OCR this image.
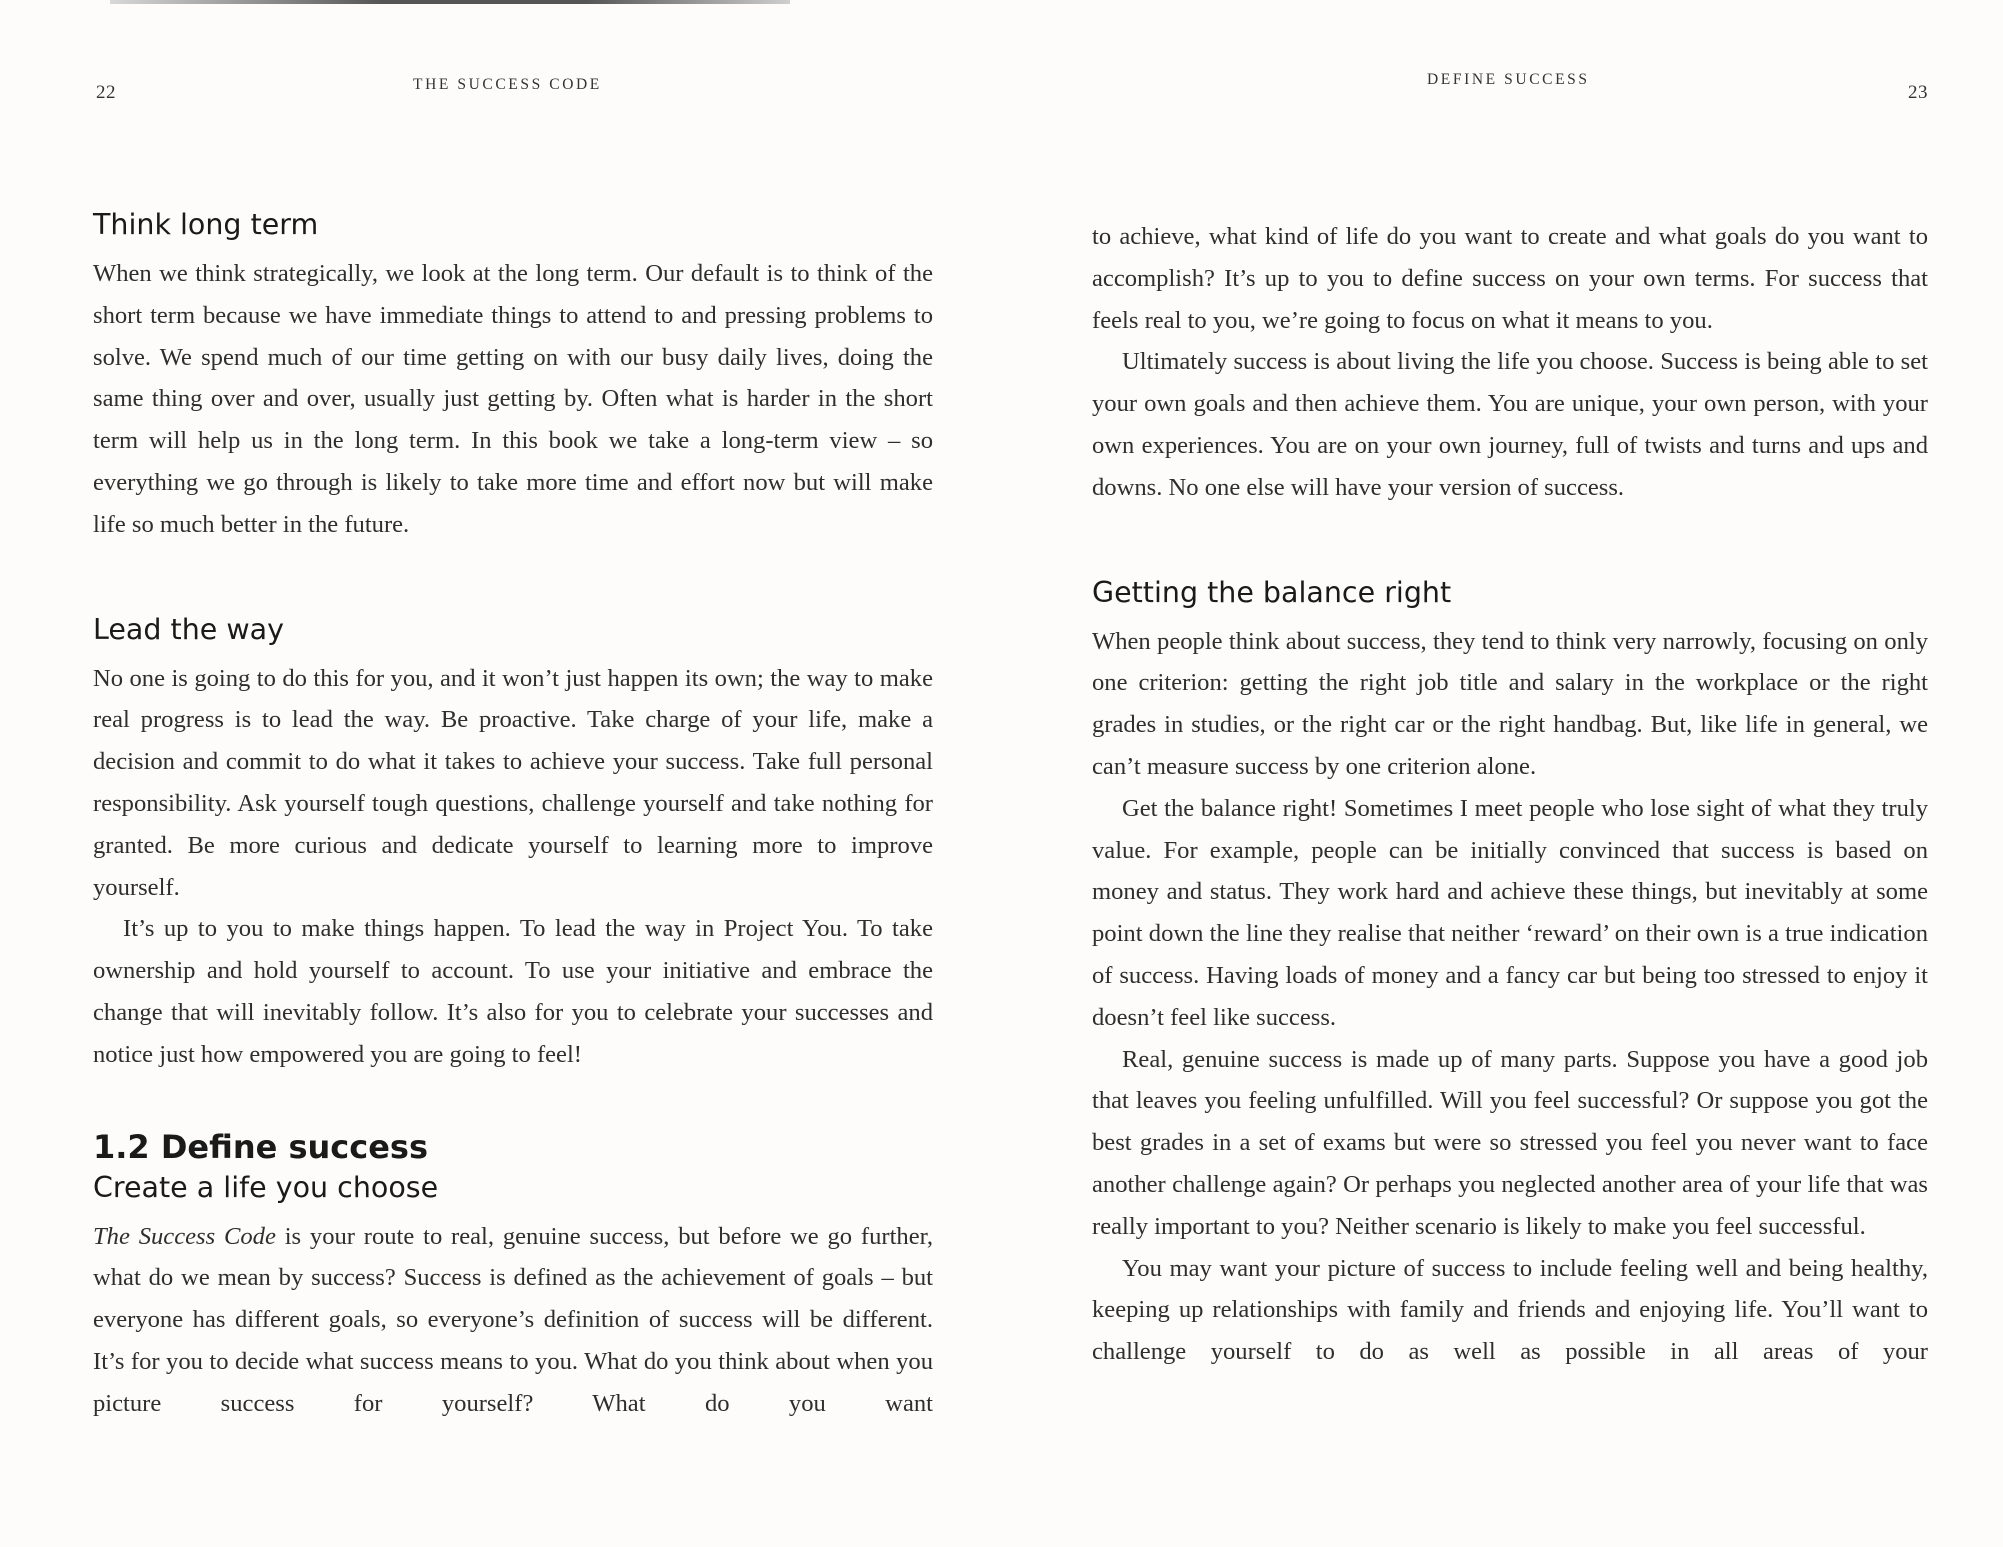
22	THE SUCCESS CODE
Think long term

When we think strategically, we look at the long term. Our default is to think of the short term because we have immediate things to attend to and pressing problems to solve. We spend much of our time getting on with our busy daily lives, doing the same thing over and over, usually just getting by. Often what is harder in the short term will help us in the long term. In this book we take a long-term view – so everything we go through is likely to take more time and effort now but will make life so much better in the future.

Lead the way

No one is going to do this for you, and it won’t just happen its own; the way to make real progress is to lead the way. Be proactive. Take charge of your life, make a decision and commit to do what it takes to achieve your success. Take full personal responsibility. Ask yourself tough questions, challenge yourself and take nothing for granted. Be more curious and dedicate yourself to learning more to improve yourself.

It’s up to you to make things happen. To lead the way in Project You. To take ownership and hold yourself to account. To use your initiative and embrace the change that will inevitably follow. It’s also for you to celebrate your successes and notice just how empowered you are going to feel!

1.2 Define success
Create a life you choose

The Success Code is your route to real, genuine success, but before we go further, what do we mean by success? Success is defined as the achievement of goals – but everyone has different goals, so everyone’s definition of success will be different. It’s for you to decide what success means to you. What do you think about when you picture success for yourself? What do you want

DEFINE SUCCESS
23

to achieve, what kind of life do you want to create and what goals do you want to accomplish? It’s up to you to define success on your own terms. For success that feels real to you, we’re going to focus on what it means to you.

Ultimately success is about living the life you choose. Success is being able to set your own goals and then achieve them. You are unique, your own person, with your own experiences. You are on your own journey, full of twists and turns and ups and downs. No one else will have your version of success.

Getting the balance right

When people think about success, they tend to think very narrowly, focusing on only one criterion: getting the right job title and salary in the workplace or the right grades in studies, or the right car or the right handbag. But, like life in general, we can’t measure success by one criterion alone.

Get the balance right! Sometimes I meet people who lose sight of what they truly value. For example, people can be initially convinced that success is based on money and status. They work hard and achieve these things, but inevitably at some point down the line they realise that neither ‘reward’ on their own is a true indication of success. Having loads of money and a fancy car but being too stressed to enjoy it doesn’t feel like success.

Real, genuine success is made up of many parts. Suppose you have a good job that leaves you feeling unfulfilled. Will you feel successful? Or suppose you got the best grades in a set of exams but were so stressed you feel you never want to face another challenge again? Or perhaps you neglected another area of your life that was really important to you? Neither scenario is likely to make you feel successful.

You may want your picture of success to include feeling well and being healthy, keeping up relationships with family and friends and enjoying life. You’ll want to challenge yourself to do as well as possible in all areas of your
